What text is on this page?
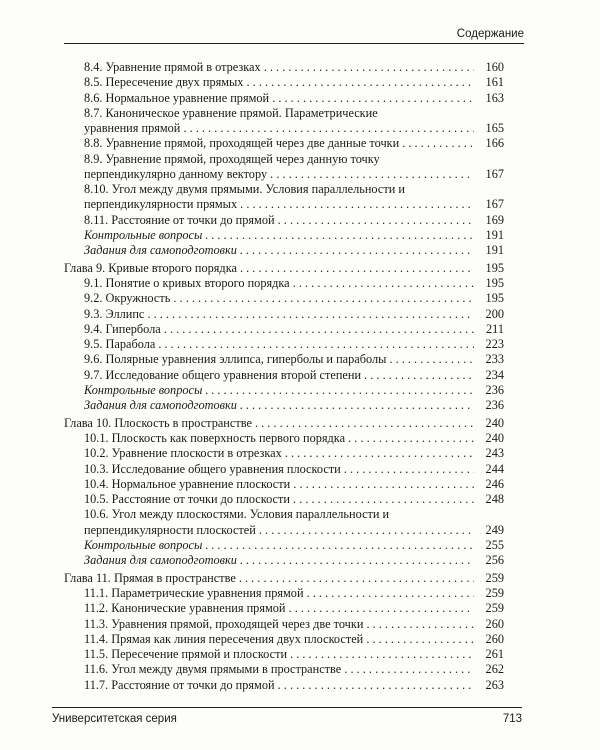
Содержание
8.4. Уравнение прямой в отрезках . . .	160
8.5. Пересечение двух прямых . . .	161
8.6. Нормальное уравнение прямой . . .	163
8.7. Каноническое уравнение прямой. Параметрические
уравнения прямой . . .	165
8.8. Уравнение прямой, проходящей через две данные точки . . .	166
8.9. Уравнение прямой, проходящей через данную точку
перпендикулярно данному вектору . . .	167
8.10. Угол между двумя прямыми. Условия параллельности и
перпендикулярности прямых . . .	167
8.11. Расстояние от точки до прямой . . .	169
Контрольные вопросы . . .	191
Задания для самоподготовки . . .	191
Глава 9. Кривые второго порядка . . .	195
9.1. Понятие о кривых второго порядка . . .	195
9.2. Окружность . . .	195
9.3. Эллипс . . .	200
9.4. Гипербола . . .	211
9.5. Парабола . . .	223
9.6. Полярные уравнения эллипса, гиперболы и параболы . . .	233
9.7. Исследование общего уравнения второй степени . . .	234
Контрольные вопросы . . .	236
Задания для самоподготовки . . .	236
Глава 10. Плоскость в пространстве . . .	240
10.1. Плоскость как поверхность первого порядка . . .	240
10.2. Уравнение плоскости в отрезках . . .	243
10.3. Исследование общего уравнения плоскости . . .	244
10.4. Нормальное уравнение плоскости . . .	246
10.5. Расстояние от точки до плоскости . . .	248
10.6. Угол между плоскостями. Условия параллельности и
перпендикулярности плоскостей . . .	249
Контрольные вопросы . . .	255
Задания для самоподготовки . . .	256
Глава 11. Прямая в пространстве . . .	259
11.1. Параметрические уравнения прямой . . .	259
11.2. Канонические уравнения прямой . . .	259
11.3. Уравнения прямой, проходящей через две точки . . .	260
11.4. Прямая как линия пересечения двух плоскостей . . .	260
11.5. Пересечение прямой и плоскости . . .	261
11.6. Угол между двумя прямыми в пространстве . . .	262
11.7. Расстояние от точки до прямой . . .	263
Университетская серия	713
